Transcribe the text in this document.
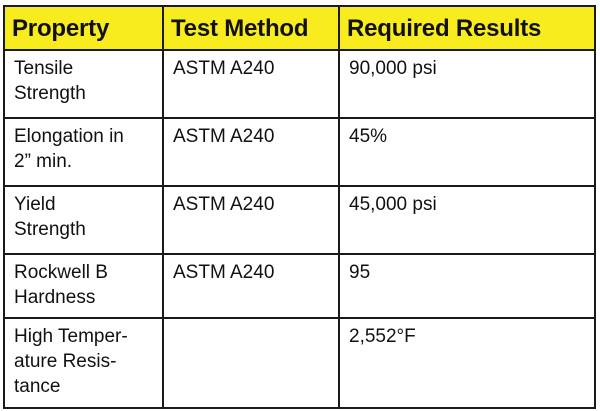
Property	Test Method	Required Results

Tensile
Strength	ASTM A240	90,000 psi

Elongation in
2” min.	ASTM A240	45%

Yield
Strength	ASTM A240	45,000 psi

Rockwell B
Hardness	ASTM A240	95

High Temper-
ature Resis-
tance		2,552°F
